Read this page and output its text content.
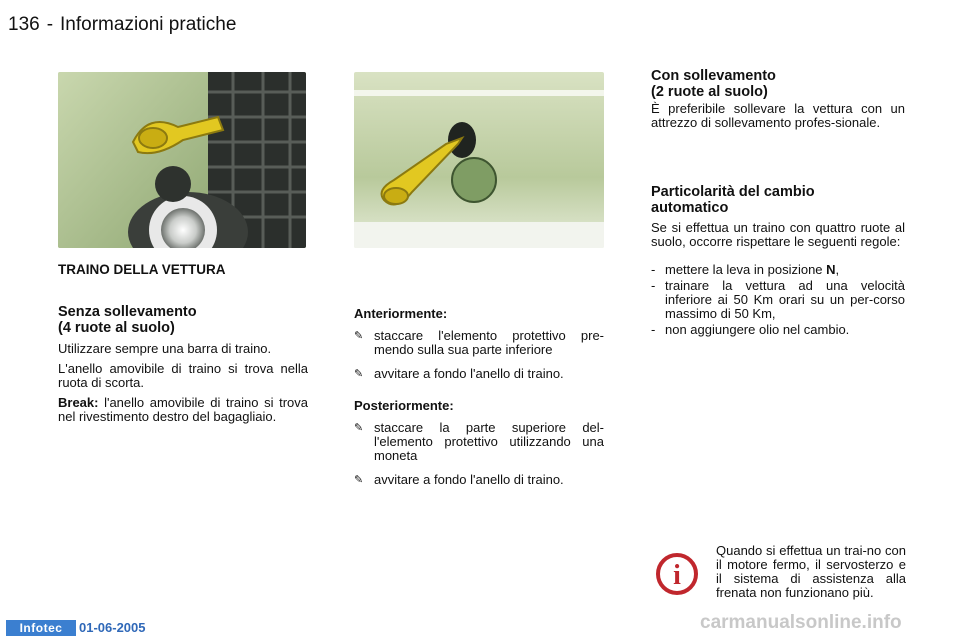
136 - Informazioni pratiche
TRAINO DELLA VETTURA
Senza sollevamento
(4 ruote al suolo)

Utilizzare sempre una barra di traino.

L'anello amovibile di traino si trova nella ruota di scorta.

Break: l'anello amovibile di traino si trova nel rivestimento destro del bagagliaio.

Anteriormente:
✎ staccare l'elemento protettivo pre-mendo sulla sua parte inferiore
✎ avvitare a fondo l'anello di traino.
Posteriormente:
✎ staccare la parte superiore del-l'elemento protettivo utilizzando una moneta
✎ avvitare a fondo l'anello di traino.
Con sollevamento
(2 ruote al suolo)
È preferibile sollevare la vettura con un attrezzo di sollevamento profes-sionale.
Particolarità del cambio
automatico
Se si effettua un traino con quattro ruote al suolo, occorre rispettare le seguenti regole:
- mettere la leva in posizione N,
- trainare la vettura ad una velocità inferiore ai 50 Km orari su un per-corso massimo di 50 Km,
- non aggiungere olio nel cambio.
i
Quando si effettua un trai-no con il motore fermo, il servosterzo e il sistema di assistenza alla frenata non funzionano più.
Infotec	01-06-2005	carmanualsonline.info
